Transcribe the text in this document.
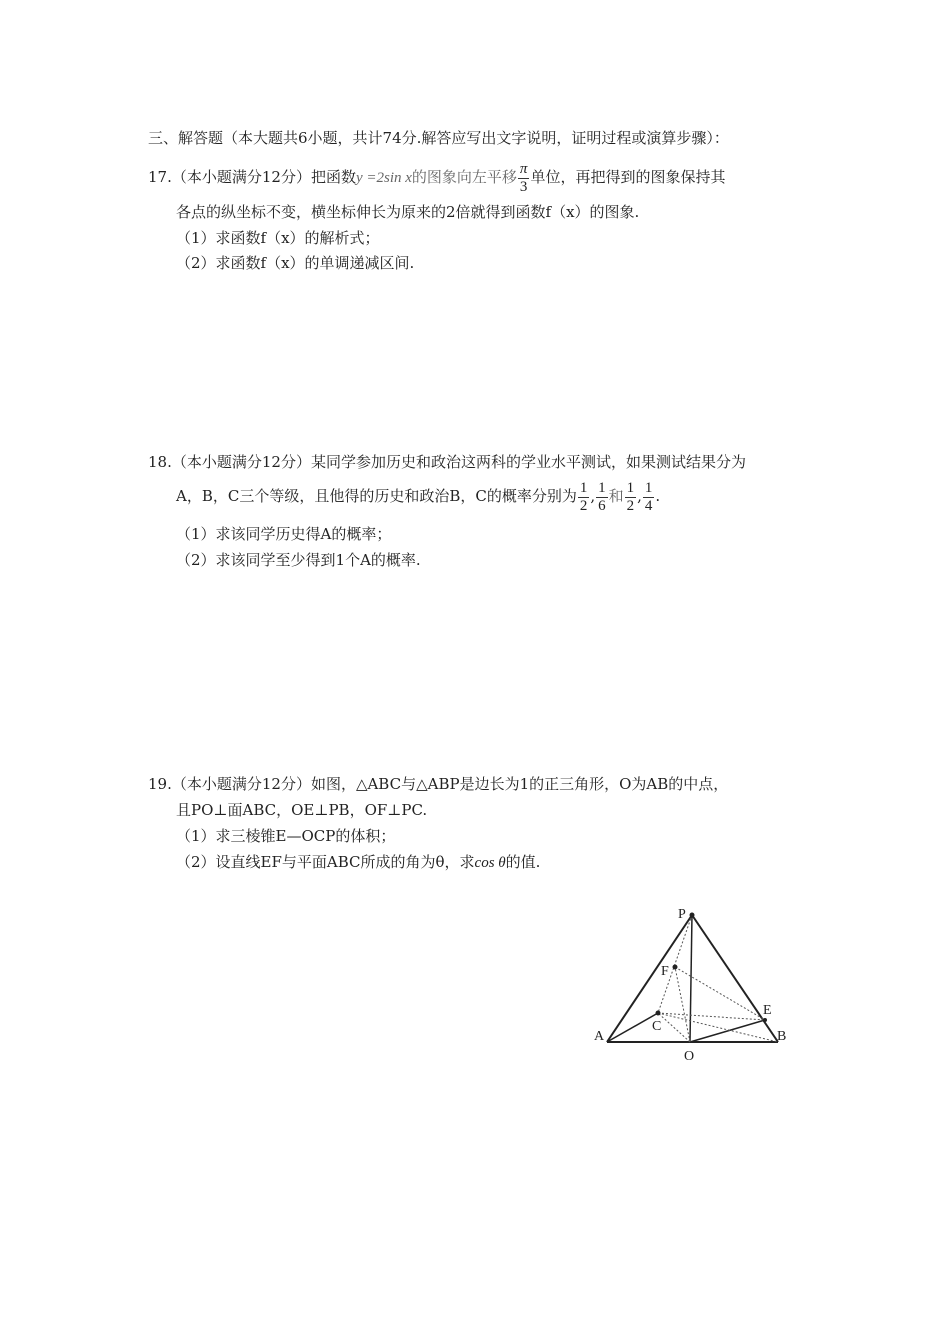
三、解答题（本大题共6小题，共计74分.解答应写出文字说明，证明过程或演算步骤）：
17.（本小题满分12分）把函数y =2sin x的图象向左平移 $\frac{\pi}{3}$ 单位，再把得到的图象保持其
各点的纵坐标不变，横坐标伸长为原来的2倍就得到函数f（x）的图象.
（1）求函数f（x）的解析式；
（2）求函数f（x）的单调递减区间.
18.（本小题满分12分）某同学参加历史和政治这两科的学业水平测试，如果测试结果分为
A，B，C三个等级，且他得的历史和政治B，C的概率分别为 $\frac{1}{2}$ , $\frac{1}{6}$ 和 $\frac{1}{2}$ , $\frac{1}{4}$ .
（1）求该同学历史得A的概率；
（2）求该同学至少得到1个A的概率.
19.（本小题满分12分）如图，△ABC与△ABP是边长为1的正三角形，O为AB的中点，
且PO⊥面ABC，OE⊥PB，OF⊥PC.
（1）求三棱锥E—OCP的体积；
（2）设直线EF与平面ABC所成的角为θ，求cos θ的值.
P
F
E
C
A	B
O
